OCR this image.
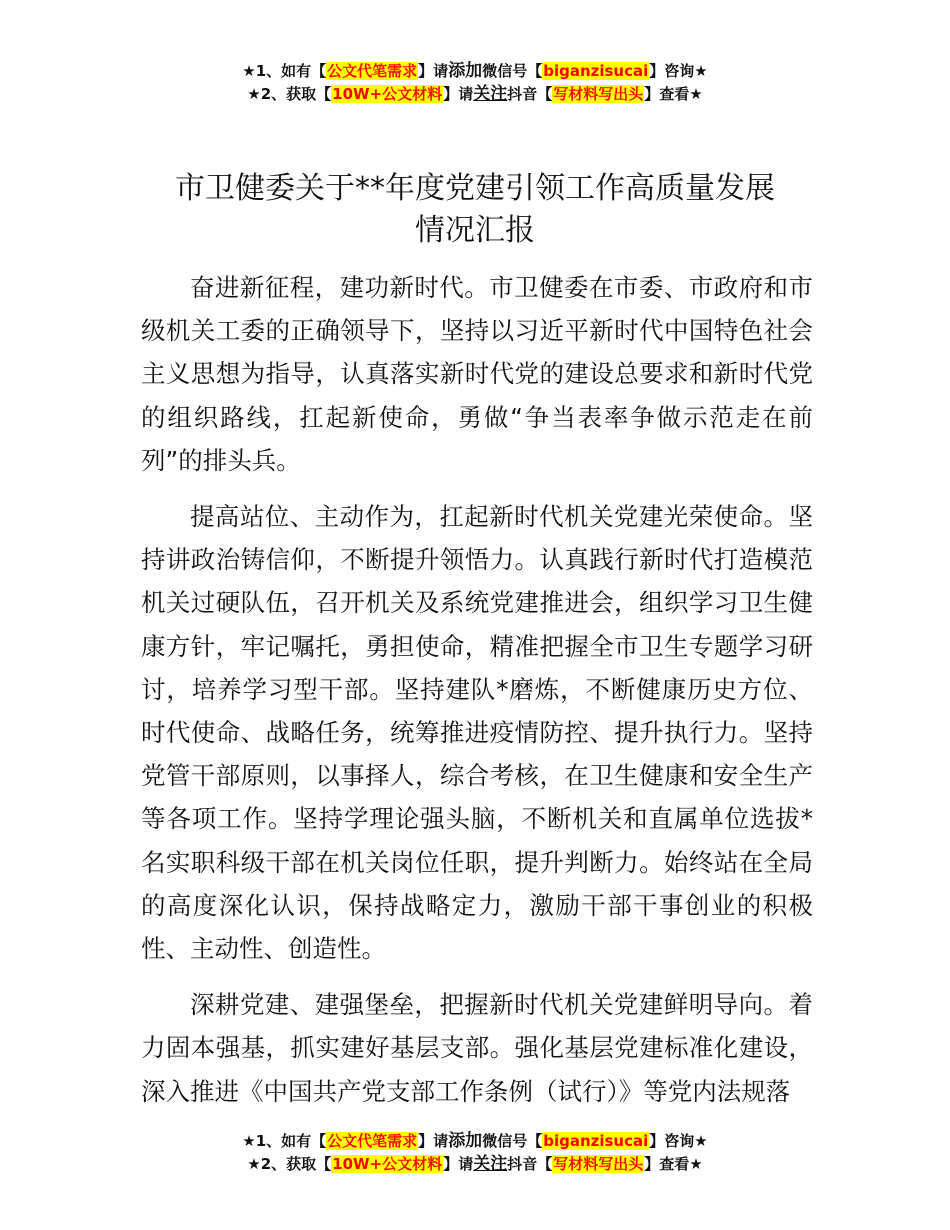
★1、如有【公文代笔需求】请添加微信号【biganzisucai】咨询★
★2、获取【10W+公文材料】请关注抖音【写材料写出头】查看★
市卫健委关于**年度党建引领工作高质量发展
情况汇报

奋进新征程，建功新时代。市卫健委在市委、市政府和市级机关工委的正确领导下，坚持以习近平新时代中国特色社会主义思想为指导，认真落实新时代党的建设总要求和新时代党的组织路线，扛起新使命，勇做“争当表率争做示范走在前列”的排头兵。

提高站位、主动作为，扛起新时代机关党建光荣使命。坚持讲政治铸信仰，不断提升领悟力。认真践行新时代打造模范机关过硬队伍，召开机关及系统党建推进会，组织学习卫生健康方针，牢记嘱托，勇担使命，精准把握全市卫生专题学习研讨，培养学习型干部。坚持建队*磨炼，不断健康历史方位、时代使命、战略任务，统筹推进疫情防控、提升执行力。坚持党管干部原则，以事择人，综合考核，在卫生健康和安全生产等各项工作。坚持学理论强头脑，不断机关和直属单位选拔*名实职科级干部在机关岗位任职，提升判断力。始终站在全局的高度深化认识，保持战略定力，激励干部干事创业的积极性、主动性、创造性。

深耕党建、建强堡垒，把握新时代机关党建鲜明导向。着力固本强基，抓实建好基层支部。强化基层党建标准化建设，深入推进《中国共产党支部工作条例（试行）》等党内法规落

★1、如有【公文代笔需求】请添加微信号【biganzisucai】咨询★
★2、获取【10W+公文材料】请关注抖音【写材料写出头】查看★
